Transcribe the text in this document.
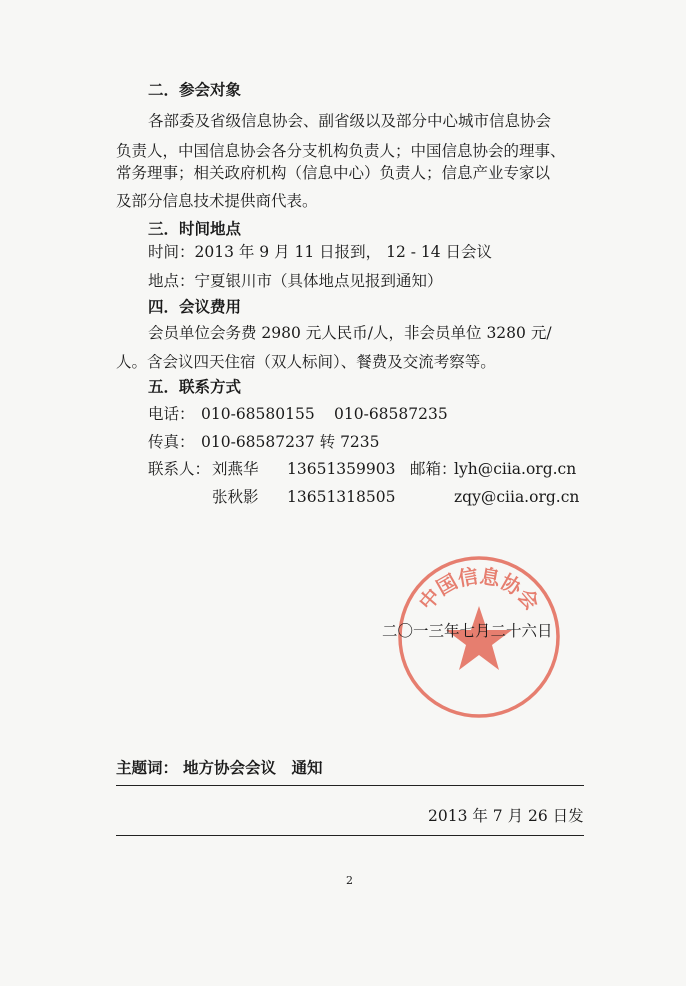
二．参会对象
各部委及省级信息协会、副省级以及部分中心城市信息协会
负责人，中国信息协会各分支机构负责人；中国信息协会的理事、
常务理事；相关政府机构（信息中心）负责人；信息产业专家以
及部分信息技术提供商代表。
三．时间地点
时间：2013 年 9 月 11 日报到， 12 - 14 日会议
地点：宁夏银川市（具体地点见报到通知）
四．会议费用
会员单位会务费 2980 元人民币/人，非会员单位 3280 元/
人。含会议四天住宿（双人标间）、餐费及交流考察等。
五．联系方式
电话： 010-68580155 010-68587235
传真： 010-68587237 转 7235
联系人： 刘燕华 13651359903 邮箱：
lyh@ciia.org.cn
张秋影 13651318505	zqy@ciia.org.cn
中国信息协会
二〇一三年七月二十六日
主题词： 地方协会会议　通知
2013 年 7 月 26 日发
2
